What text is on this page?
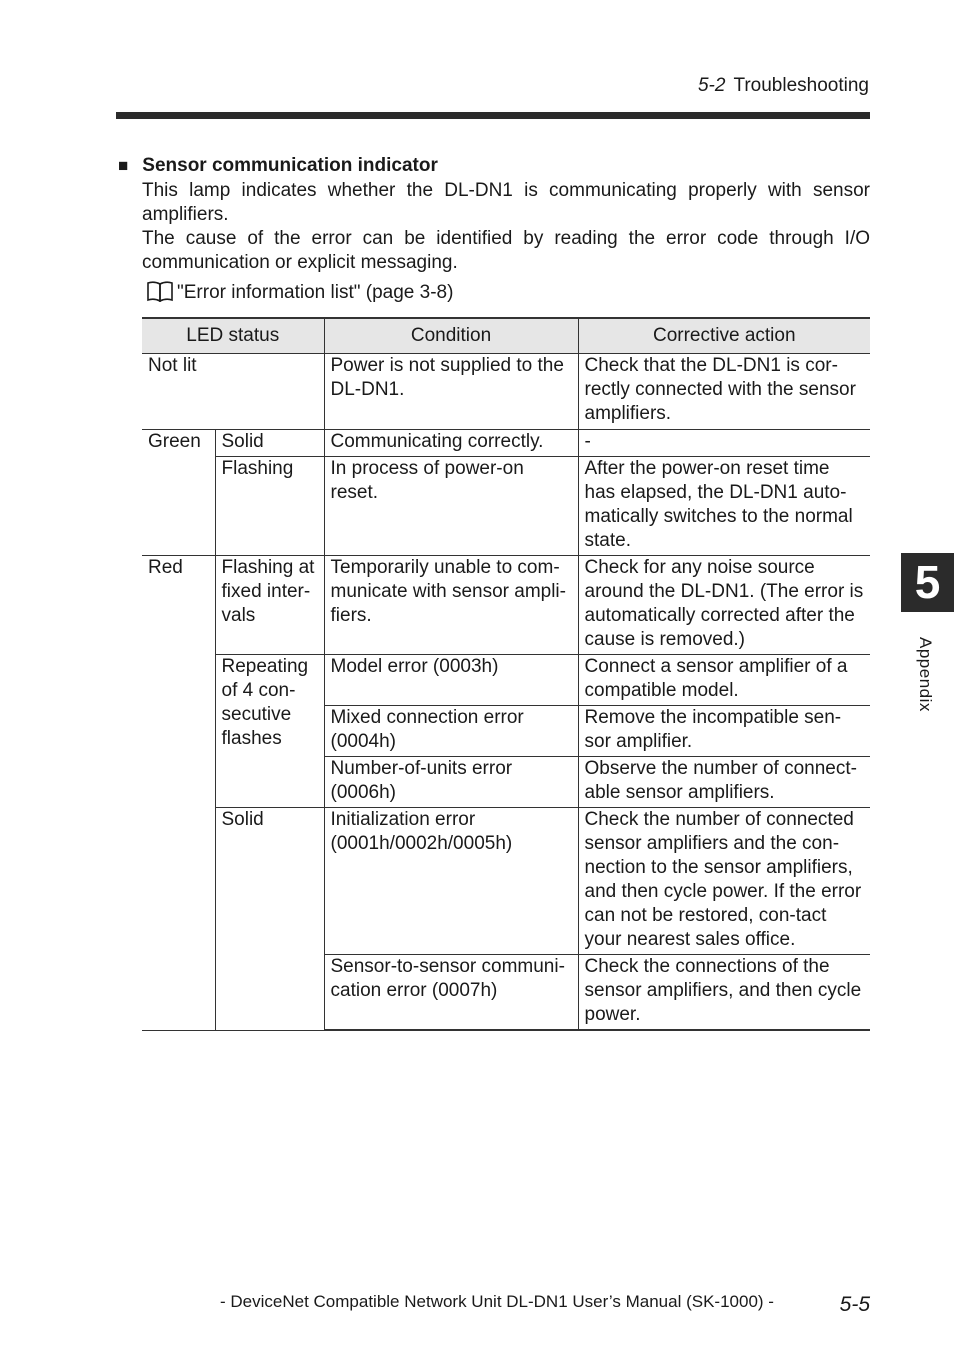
5-2 Troubleshooting
■ Sensor communication indicator
This lamp indicates whether the DL-DN1 is communicating properly with sensor amplifiers.
The cause of the error can be identified by reading the error code through I/O communication or explicit messaging.
"Error information list" (page 3-8)
LED status		Condition	Corrective action
Not lit		Power is not supplied to the DL-DN1.	Check that the DL-DN1 is cor-rectly connected with the sensor amplifiers.
Green	Solid	Communicating correctly.	-
	Flashing	In process of power-on reset.	After the power-on reset time has elapsed, the DL-DN1 auto-matically switches to the normal state.
Red	Flashing at fixed inter-vals	Temporarily unable to com-municate with sensor ampli-fiers.	Check for any noise source around the DL-DN1. (The error is automatically corrected after the cause is removed.)
	Repeating of 4 con-secutive flashes	Model error (0003h)	Connect a sensor amplifier of a compatible model.
		Mixed connection error (0004h)	Remove the incompatible sen-sor amplifier.
		Number-of-units error (0006h)	Observe the number of connect-able sensor amplifiers.
	Solid	Initialization error (0001h/0002h/0005h)	Check the number of connected sensor amplifiers and the con-nection to the sensor amplifiers, and then cycle power. If the error can not be restored, con-tact your nearest sales office.
		Sensor-to-sensor communi-cation error (0007h)	Check the connections of the sensor amplifiers, and then cycle power.
5
Appendix
- DeviceNet Compatible Network Unit DL-DN1 User’s Manual (SK-1000) -	5-5
